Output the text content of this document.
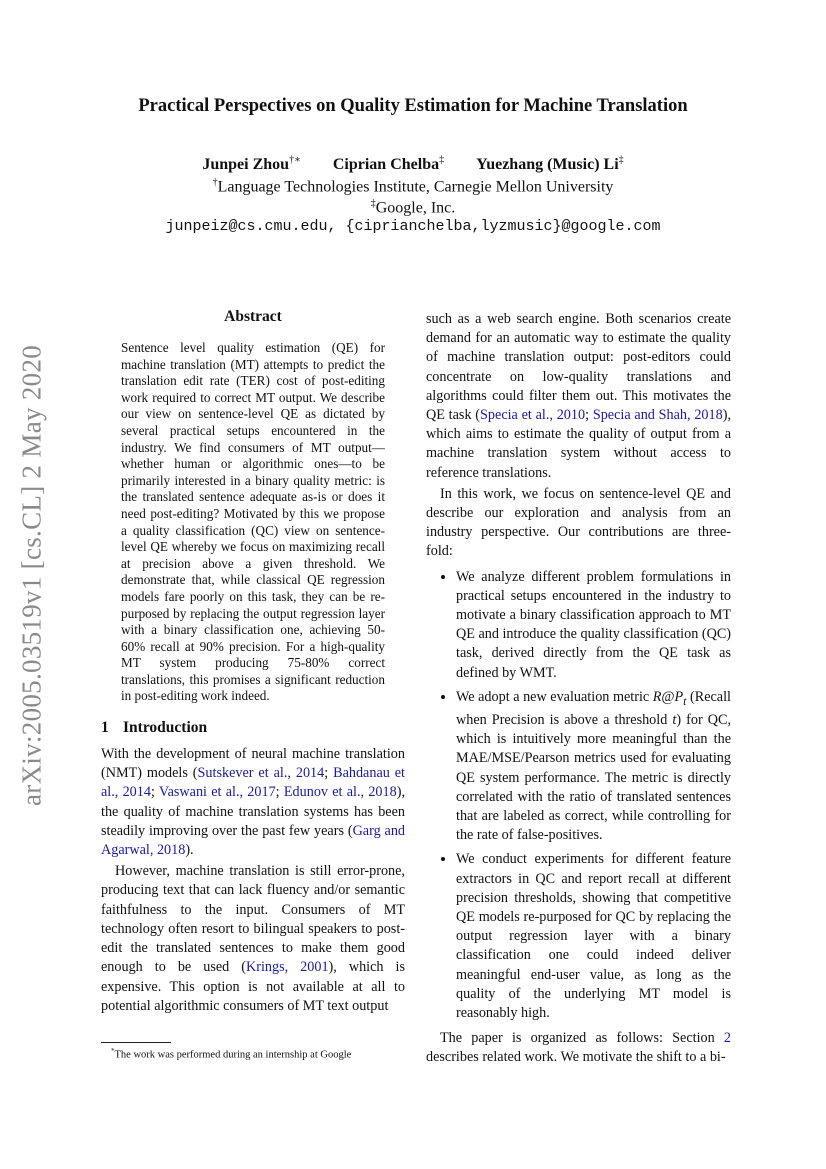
arXiv:2005.03519v1 [cs.CL] 2 May 2020
Practical Perspectives on Quality Estimation for Machine Translation
Junpei Zhou†∗ Ciprian Chelba‡ Yuezhang (Music) Li‡
†Language Technologies Institute, Carnegie Mellon University
‡Google, Inc.
junpeiz@cs.cmu.edu, {ciprianchelba,lyzmusic}@google.com
Abstract

Sentence level quality estimation (QE) for machine translation (MT) attempts to predict the translation edit rate (TER) cost of post-editing work required to correct MT output. We describe our view on sentence-level QE as dictated by several practical setups encountered in the industry. We find consumers of MT output—whether human or algorithmic ones—to be primarily interested in a binary quality metric: is the translated sentence adequate as-is or does it need post-editing? Motivated by this we propose a quality classification (QC) view on sentence-level QE whereby we focus on maximizing recall at precision above a given threshold. We demonstrate that, while classical QE regression models fare poorly on this task, they can be re-purposed by replacing the output regression layer with a binary classification one, achieving 50-60% recall at 90% precision. For a high-quality MT system producing 75-80% correct translations, this promises a significant reduction in post-editing work indeed.

1 Introduction

With the development of neural machine translation (NMT) models (Sutskever et al., 2014; Bahdanau et al., 2014; Vaswani et al., 2017; Edunov et al., 2018), the quality of machine translation systems has been steadily improving over the past few years (Garg and Agarwal, 2018).

However, machine translation is still error-prone, producing text that can lack fluency and/or semantic faithfulness to the input. Consumers of MT technology often resort to bilingual speakers to post-edit the translated sentences to make them good enough to be used (Krings, 2001), which is expensive. This option is not available at all to potential algorithmic consumers of MT text output

such as a web search engine. Both scenarios create demand for an automatic way to estimate the quality of machine translation output: post-editors could concentrate on low-quality translations and algorithms could filter them out. This motivates the QE task (Specia et al., 2010; Specia and Shah, 2018), which aims to estimate the quality of output from a machine translation system without access to reference translations.

In this work, we focus on sentence-level QE and describe our exploration and analysis from an industry perspective. Our contributions are three-fold:

• We analyze different problem formulations in practical setups encountered in the industry to motivate a binary classification approach to MT QE and introduce the quality classification (QC) task, derived directly from the QE task as defined by WMT.
• We adopt a new evaluation metric $R@P_t$ (Recall when Precision is above a threshold t) for QC, which is intuitively more meaningful than the MAE/MSE/Pearson metrics used for evaluating QE system performance. The metric is directly correlated with the ratio of translated sentences that are labeled as correct, while controlling for the rate of false-positives.
• We conduct experiments for different feature extractors in QC and report recall at different precision thresholds, showing that competitive QE models re-purposed for QC by replacing the output regression layer with a binary classification one could indeed deliver meaningful end-user value, as long as the quality of the underlying MT model is reasonably high.

The paper is organized as follows: Section 2 describes related work. We motivate the shift to a bi-

*The work was performed during an internship at Google
